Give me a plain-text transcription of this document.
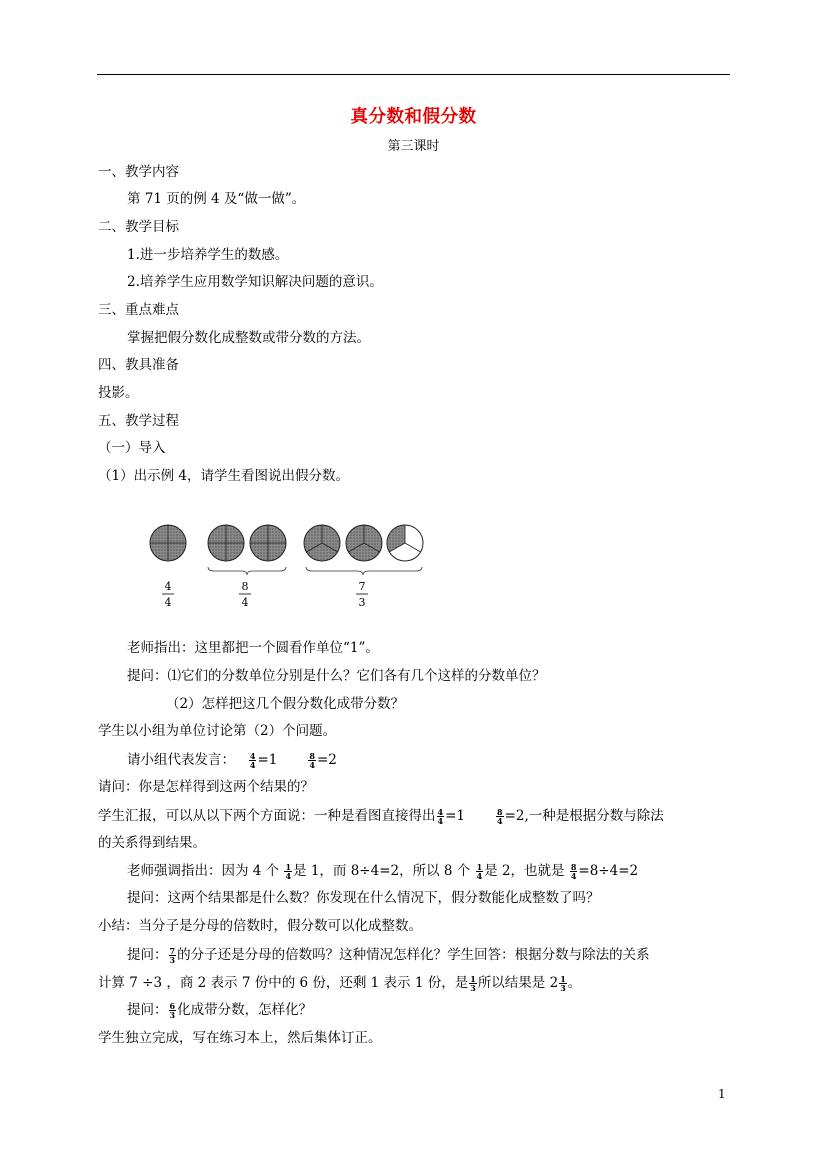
真分数和假分数
第三课时
一、教学内容
第 71 页的例 4 及“做一做”。
二、教学目标
1.进一步培养学生的数感。
2.培养学生应用数学知识解决问题的意识。
三、重点难点
掌握把假分数化成整数或带分数的方法。
四、教具准备
投影。
五、教学过程
（一）导入
（1）出示例 4，请学生看图说出假分数。
4
4
8
4
7
3
老师指出：这里都把一个圆看作单位“1”。
提问：⑴它们的分数单位分别是什么？它们各有几个这样的分数单位？
（2）怎样把这几个假分数化成带分数？
学生以小组为单位讨论第（2）个问题。
请小组代表发言： $\frac{4}{4} =1$	$\frac{8}{4} =2$
请问：你是怎样得到这两个结果的？
学生汇报，可以从以下两个方面说：一种是看图直接得出 $\frac{4}{4} =1$	$\frac{8}{4} =2$,一种是根据分数与除法
的关系得到结果。
老师强调指出：因为 4 个 $\frac{1}{4}$ 是 1，而 8÷4=2，所以 8 个 $\frac{1}{4}$ 是 2，也就是 $\frac{8}{4} =8\div 4=2$
提问：这两个结果都是什么数？你发现在什么情况下，假分数能化成整数了吗？
小结：当分子是分母的倍数时，假分数可以化成整数。
提问： $\frac{7}{3}$ 的分子还是分母的倍数吗？这种情况怎样化？学生回答：根据分数与除法的关系
计算 7 ÷3 ，商 2 表示 7 份中的 6 份，还剩 1 表示 1 份，是 $\frac{1}{3}$ 所以结果是 $2 \frac{1}{3}$ 。
提问： $\frac{6}{3}$ 化成带分数，怎样化？
学生独立完成，写在练习本上，然后集体订正。
1
